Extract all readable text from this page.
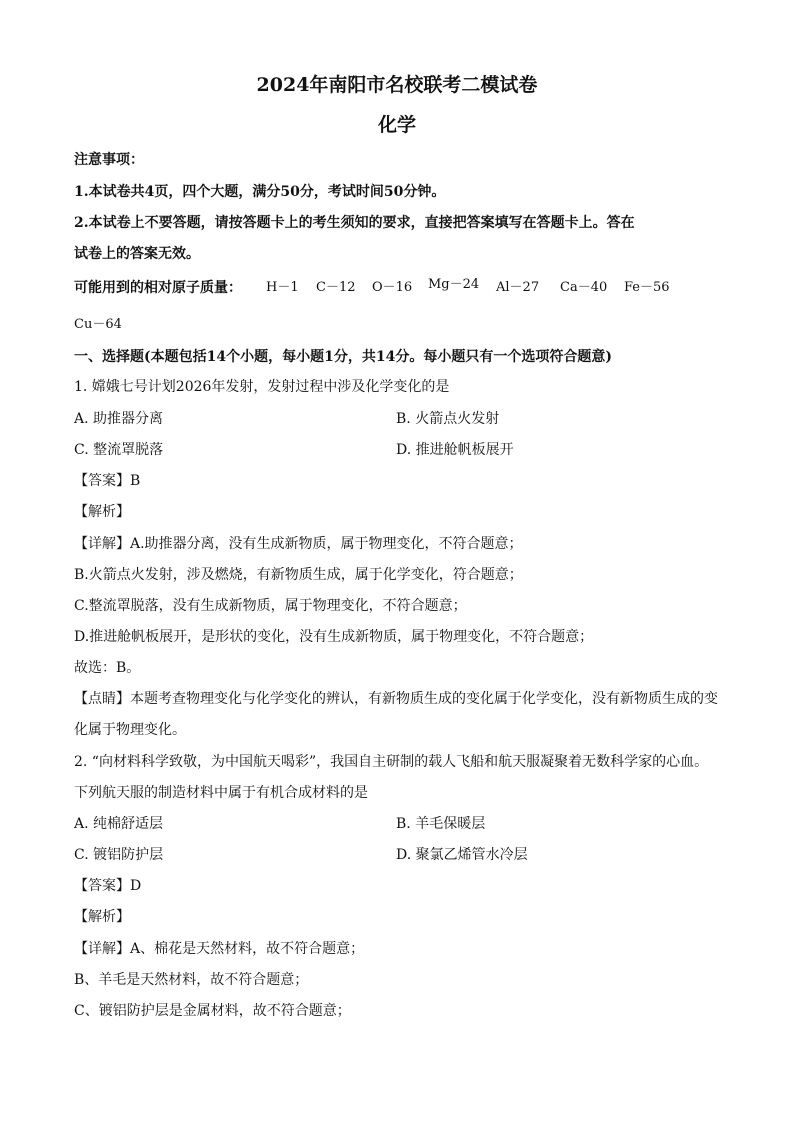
2024年南阳市名校联考二模试卷
化学
注意事项：
1.本试卷共4页，四个大题，满分50分，考试时间50分钟。
2.本试卷上不要答题，请按答题卡上的考生须知的要求，直接把答案填写在答题卡上。答在
试卷上的答案无效。
可能用到的相对原子质量： H－1 C－12 O－16 Mg－24 Al－27 Ca－40 Fe－56
Cu－64
一、选择题(本题包括14个小题，每小题1分，共14分。每小题只有一个选项符合题意)
1. 嫦娥七号计划2026年发射，发射过程中涉及化学变化的是
A. 助推器分离	B. 火箭点火发射
C. 整流罩脱落	D. 推进舱帆板展开
【答案】B
【解析】
【详解】A.助推器分离，没有生成新物质，属于物理变化，不符合题意；
B.火箭点火发射，涉及燃烧，有新物质生成，属于化学变化，符合题意；
C.整流罩脱落，没有生成新物质，属于物理变化，不符合题意；
D.推进舱帆板展开，是形状的变化，没有生成新物质，属于物理变化，不符合题意；
故选：B。
【点睛】本题考查物理变化与化学变化的辨认，有新物质生成的变化属于化学变化，没有新物质生成的变
化属于物理变化。
2. “向材料科学致敬，为中国航天喝彩”，我国自主研制的载人飞船和航天服凝聚着无数科学家的心血。
下列航天服的制造材料中属于有机合成材料的是
A. 纯棉舒适层	B. 羊毛保暖层
C. 镀铝防护层	D. 聚氯乙烯管水冷层
【答案】D
【解析】
【详解】A、棉花是天然材料，故不符合题意；
B、羊毛是天然材料，故不符合题意；
C、镀铝防护层是金属材料，故不符合题意；
